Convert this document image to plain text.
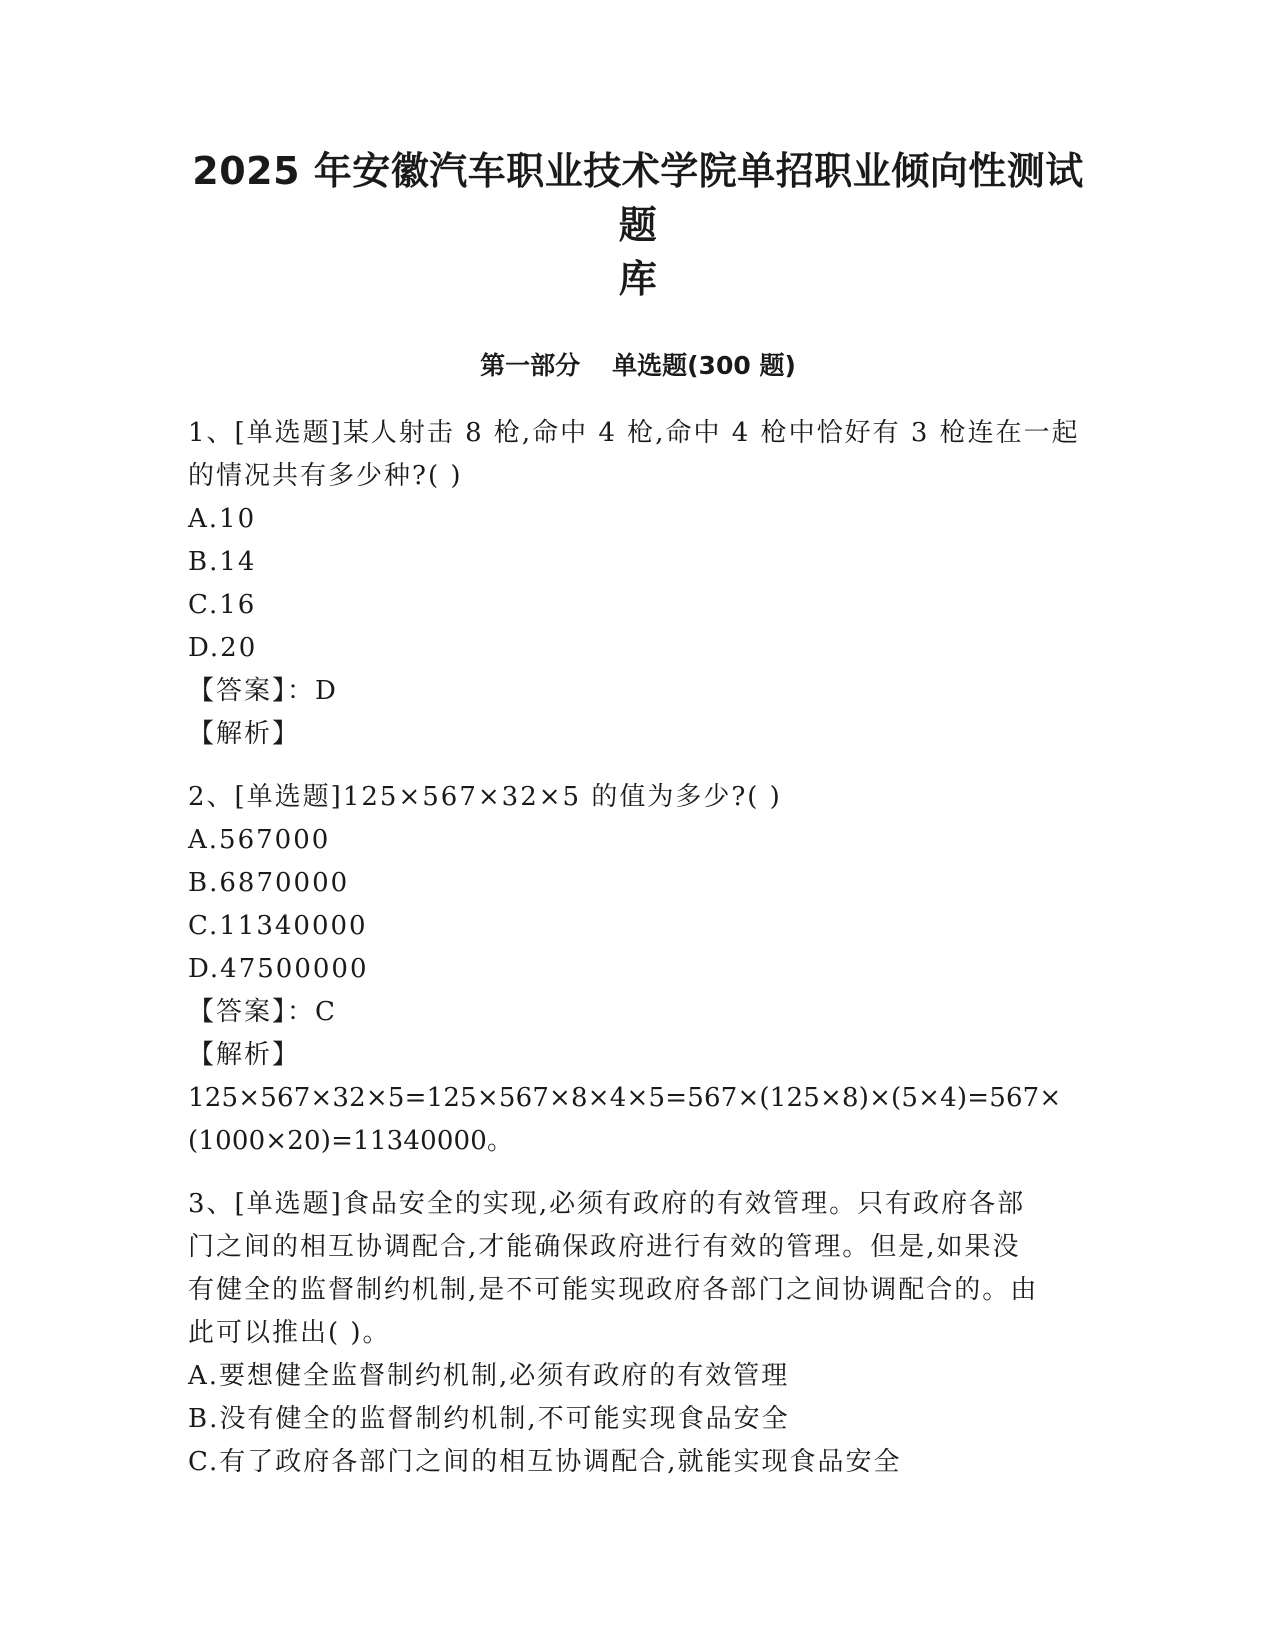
2025 年安徽汽车职业技术学院单招职业倾向性测试题
库
第一部分 单选题(300 题)

1、[单选题]某人射击 8 枪,命中 4 枪,命中 4 枪中恰好有 3 枪连在一起

的情况共有多少种?( )

A.10

B.14

C.16

D.20

【答案】：D

【解析】

2、[单选题]125×567×32×5 的值为多少?( )

A.567000

B.6870000

C.11340000

D.47500000

【答案】：C

【解析】

125×567×32×5=125×567×8×4×5=567×(125×8)×(5×4)=567×

(1000×20)=11340000。

3、[单选题]食品安全的实现,必须有政府的有效管理。只有政府各部

门之间的相互协调配合,才能确保政府进行有效的管理。但是,如果没

有健全的监督制约机制,是不可能实现政府各部门之间协调配合的。由

此可以推出( )。

A.要想健全监督制约机制,必须有政府的有效管理

B.没有健全的监督制约机制,不可能实现食品安全

C.有了政府各部门之间的相互协调配合,就能实现食品安全
